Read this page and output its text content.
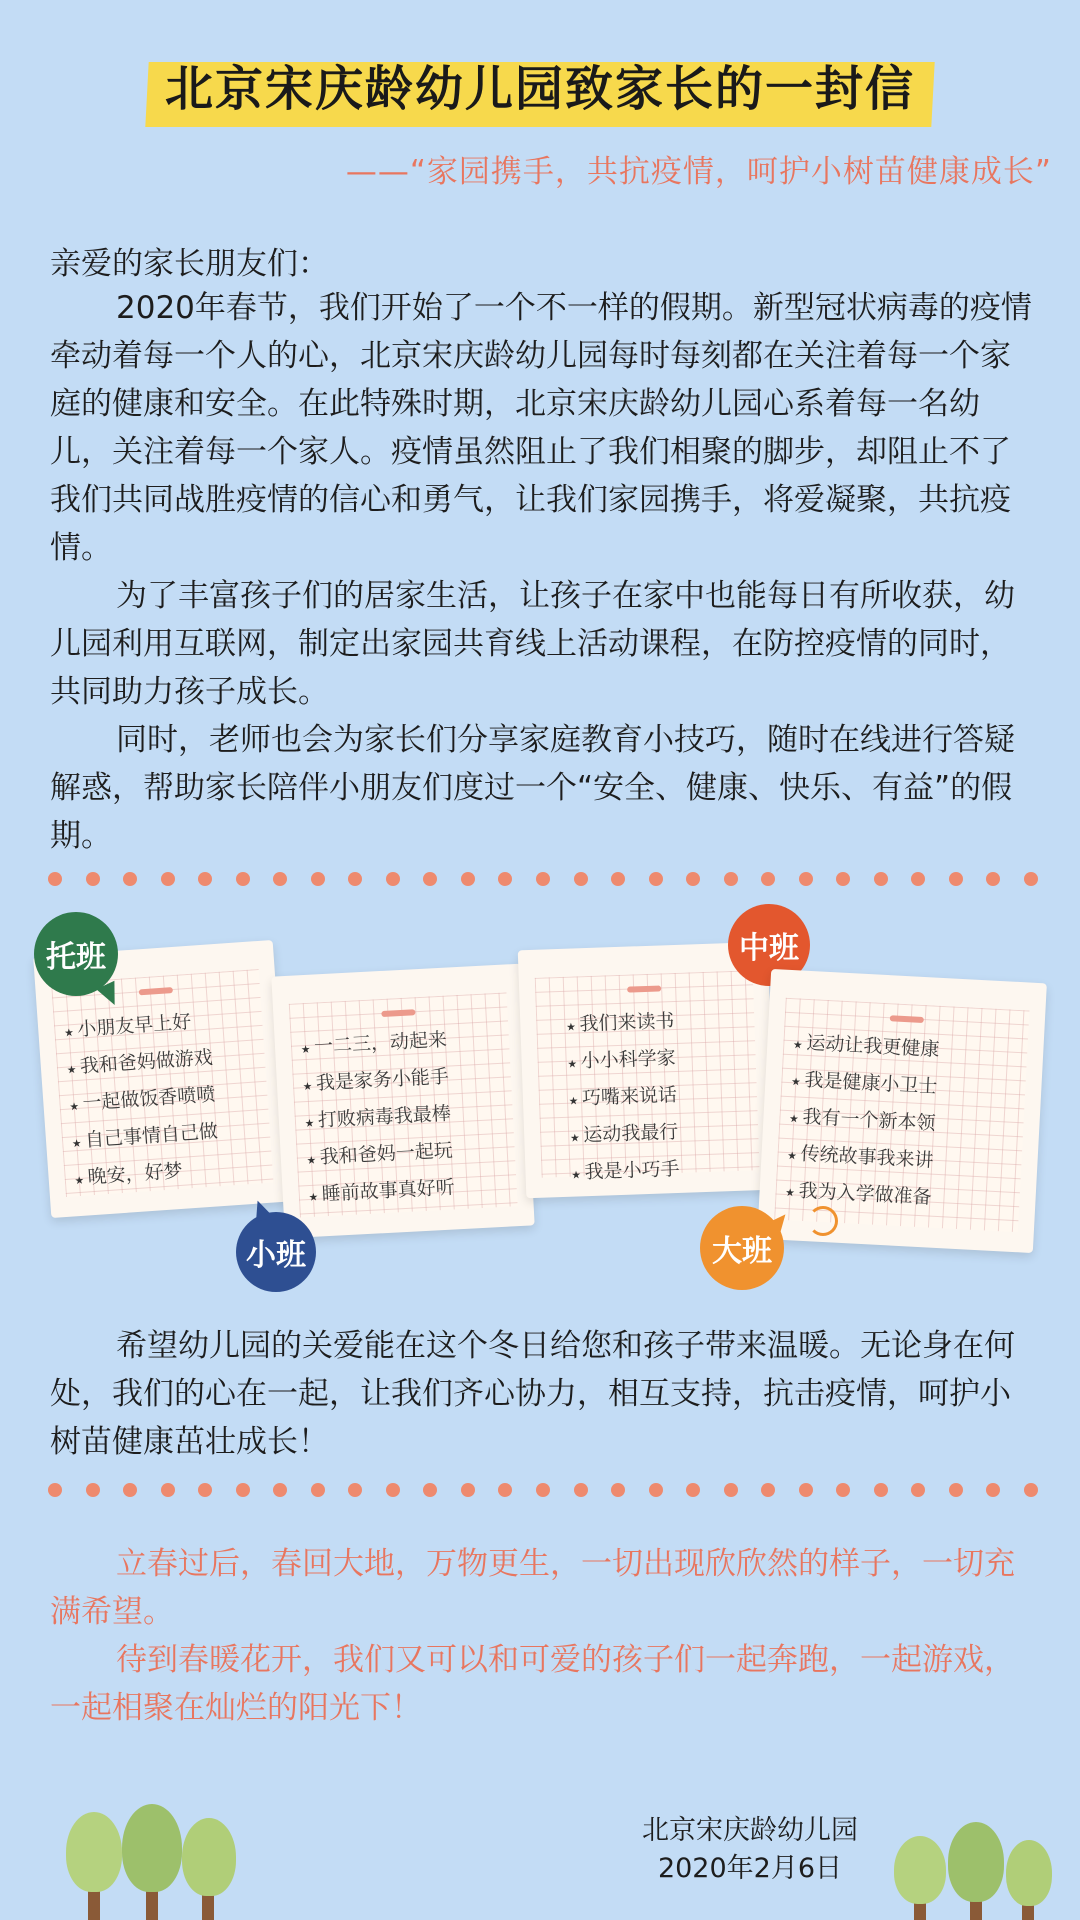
北京宋庆龄幼儿园致家长的一封信
——“家园携手，共抗疫情，呵护小树苗健康成长”
亲爱的家长朋友们：

2020年春节，我们开始了一个不一样的假期。新型冠状病毒的疫情牵动着每一个人的心，北京宋庆龄幼儿园每时每刻都在关注着每一个家庭的健康和安全。在此特殊时期，北京宋庆龄幼儿园心系着每一名幼儿，关注着每一个家人。疫情虽然阻止了我们相聚的脚步，却阻止不了我们共同战胜疫情的信心和勇气，让我们家园携手，将爱凝聚，共抗疫情。

为了丰富孩子们的居家生活，让孩子在家中也能每日有所收获，幼儿园利用互联网，制定出家园共育线上活动课程，在防控疫情的同时，共同助力孩子成长。

同时，老师也会为家长们分享家庭教育小技巧，随时在线进行答疑解惑，帮助家长陪伴小朋友们度过一个“安全、健康、快乐、有益”的假期。

★ 小朋友早上好
★ 我和爸妈做游戏
★ 一起做饭香喷喷
★ 自己事情自己做
★ 晚安，好梦
托班
★ 一二三，动起来
★ 我是家务小能手
★ 打败病毒我最棒
★ 我和爸妈一起玩
★ 睡前故事真好听
小班
★ 我们来读书
★ 小小科学家
★ 巧嘴来说话
★ 运动我最行
★ 我是小巧手
中班
★ 运动让我更健康
★ 我是健康小卫士
★ 我有一个新本领
★ 传统故事我来讲
★ 我为入学做准备
大班

希望幼儿园的关爱能在这个冬日给您和孩子带来温暖。无论身在何处，我们的心在一起，让我们齐心协力，相互支持，抗击疫情，呵护小树苗健康茁壮成长！

立春过后，春回大地，万物更生，一切出现欣欣然的样子，一切充满希望。

待到春暖花开，我们又可以和可爱的孩子们一起奔跑，一起游戏，一起相聚在灿烂的阳光下！

北京宋庆龄幼儿园
2020年2月6日
